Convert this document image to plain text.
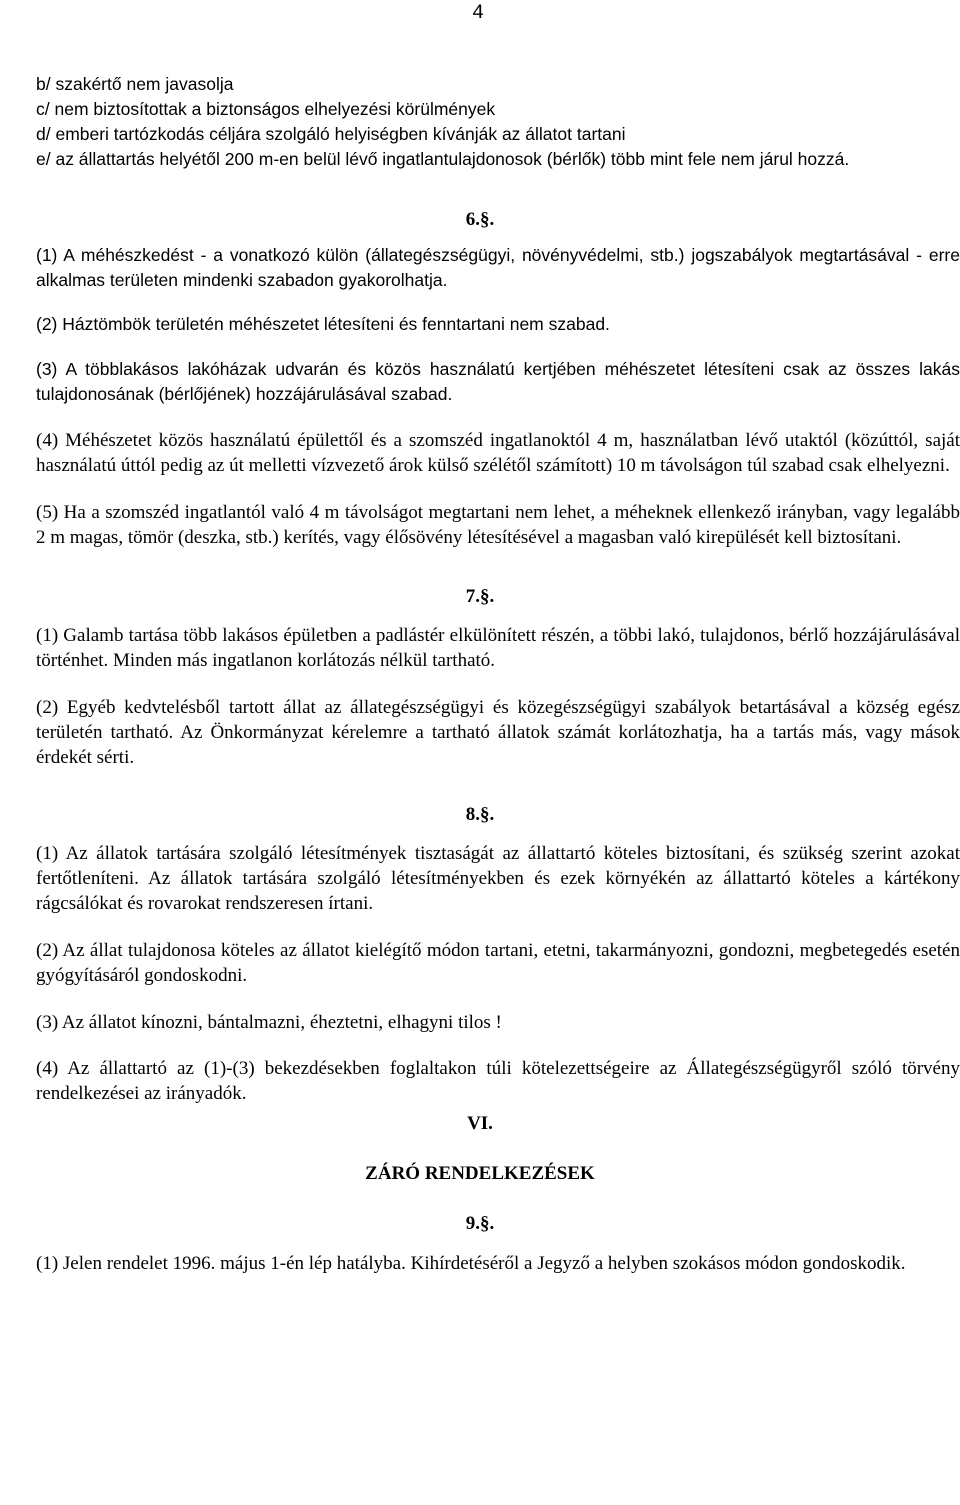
4

b/ szakértő nem javasolja

c/ nem biztosítottak a biztonságos elhelyezési körülmények

d/ emberi tartózkodás céljára szolgáló helyiségben kívánják az állatot tartani

e/ az állattartás helyétől 200 m-en belül lévő ingatlantulajdonosok (bérlők) több mint fele nem járul hozzá.

6.§.

(1) A méhészkedést - a vonatkozó külön (állategészségügyi, növényvédelmi, stb.) jogszabályok megtartásával - erre alkalmas területen mindenki szabadon gyakorolhatja.

(2) Háztömbök területén méhészetet létesíteni és fenntartani nem szabad.

(3) A többlakásos lakóházak udvarán és közös használatú kertjében méhészetet létesíteni csak az összes lakás tulajdonosának (bérlőjének) hozzájárulásával szabad.

(4) Méhészetet közös használatú épülettől és a szomszéd ingatlanoktól 4 m, használatban lévő utaktól (közúttól, saját használatú úttól pedig az út melletti vízvezető árok külső szélétől számított) 10 m távolságon túl szabad csak elhelyezni.

(5) Ha a szomszéd ingatlantól való 4 m távolságot megtartani nem lehet, a méheknek ellenkező irányban, vagy legalább 2 m magas, tömör (deszka, stb.) kerítés, vagy élősövény létesítésével a magasban való kirepülését kell biztosítani.

7.§.

(1) Galamb tartása több lakásos épületben a padlástér elkülönített részén, a többi lakó, tulajdonos, bérlő hozzájárulásával történhet. Minden más ingatlanon korlátozás nélkül tartható.

(2) Egyéb kedvtelésből tartott állat az állategészségügyi és közegészségügyi szabályok betartásával a község egész területén tartható. Az Önkormányzat kérelemre a tartható állatok számát korlátozhatja, ha a tartás más, vagy mások érdekét sérti.

8.§.

(1) Az állatok tartására szolgáló létesítmények tisztaságát az állattartó köteles biztosítani, és szükség szerint azokat fertőtleníteni. Az állatok tartására szolgáló létesítményekben és ezek környékén az állattartó köteles a kártékony rágcsálókat és rovarokat rendszeresen írtani.

(2) Az állat tulajdonosa köteles az állatot kielégítő módon tartani, etetni, takarmányozni, gondozni, megbetegedés esetén gyógyításáról gondoskodni.

(3) Az állatot kínozni, bántalmazni, éheztetni, elhagyni tilos !

(4) Az állattartó az (1)-(3) bekezdésekben foglaltakon túli kötelezettségeire az Állategészségügyről szóló törvény rendelkezései az irányadók.

VI.

ZÁRÓ RENDELKEZÉSEK

9.§.

(1) Jelen rendelet 1996. május 1-én lép hatályba. Kihírdetéséről a Jegyző a helyben szokásos módon gondoskodik.
